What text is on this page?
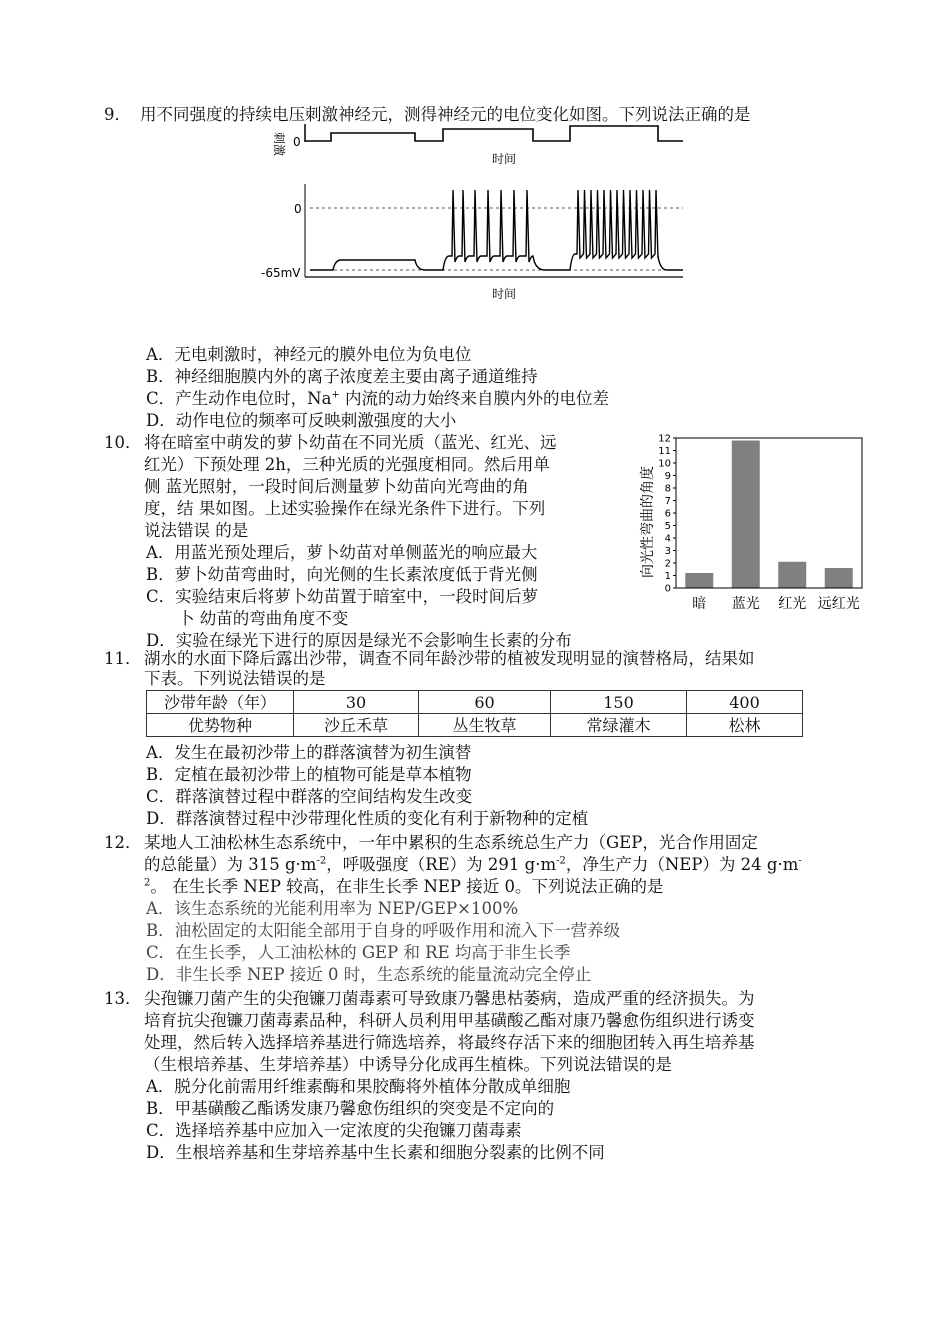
9． 用不同强度的持续电压刺激神经元，测得神经元的电位变化如图。下列说法正确的是
刺激 0
时间
0
-65mV
时间
A．无电刺激时，神经元的膜外电位为负电位
B．神经细胞膜内外的离子浓度差主要由离子通道维持
C．产生动作电位时，Na+ 内流的动力始终来自膜内外的电位差
D．动作电位的频率可反映刺激强度的大小
10． 将在暗室中萌发的萝卜幼苗在不同光质（蓝光、红光、远
红光）下预处理 2h，三种光质的光强度相同。然后用单
侧 蓝光照射，一段时间后测量萝卜幼苗向光弯曲的角
度，结 果如图。上述实验操作在绿光条件下进行。下列
说法错误 的是
A．用蓝光预处理后，萝卜幼苗对单侧蓝光的响应最大
B．萝卜幼苗弯曲时，向光侧的生长素浓度低于背光侧
C．实验结束后将萝卜幼苗置于暗室中，一段时间后萝
卜 幼苗的弯曲角度不变
D．实验在绿光下进行的原因是绿光不会影响生长素的分布
向光性弯曲的角度
0
1
2
3
4
5
6
7
8
9
10
11
12
暗 蓝光 红光 远红光
11． 湖水的水面下降后露出沙带，调查不同年龄沙带的植被发现明显的演替格局，结果如
下表。下列说法错误的是
沙带年龄（年）	30	60	150	400
优势物种	沙丘禾草	丛生牧草	常绿灌木	松林
A．发生在最初沙带上的群落演替为初生演替
B．定植在最初沙带上的植物可能是草本植物
C．群落演替过程中群落的空间结构发生改变
D．群落演替过程中沙带理化性质的变化有利于新物种的定植
12． 某地人工油松林生态系统中，一年中累积的生态系统总生产力（GEP，光合作用固定
的总能量）为 315 $g\cdot m^{-2}$，呼吸强度（RE）为 291 $g\cdot m^{-2}$，净生产力（NEP）为 24 g·m-
$^2$。 在生长季 NEP 较高，在非生长季 NEP 接近 0。下列说法正确的是
A．该生态系统的光能利用率为 NEP/GEP×100%
B．油松固定的太阳能全部用于自身的呼吸作用和流入下一营养级
C．在生长季，人工油松林的 GEP 和 RE 均高于非生长季
D．非生长季 NEP 接近 0 时，生态系统的能量流动完全停止
13． 尖孢镰刀菌产生的尖孢镰刀菌毒素可导致康乃馨患枯萎病，造成严重的经济损失。为
培育抗尖孢镰刀菌毒素品种，科研人员利用甲基磺酸乙酯对康乃馨愈伤组织进行诱变
处理，然后转入选择培养基进行筛选培养，将最终存活下来的细胞团转入再生培养基
（生根培养基、生芽培养基）中诱导分化成再生植株。下列说法错误的是
A．脱分化前需用纤维素酶和果胶酶将外植体分散成单细胞
B．甲基磺酸乙酯诱发康乃馨愈伤组织的突变是不定向的
C．选择培养基中应加入一定浓度的尖孢镰刀菌毒素
D．生根培养基和生芽培养基中生长素和细胞分裂素的比例不同
